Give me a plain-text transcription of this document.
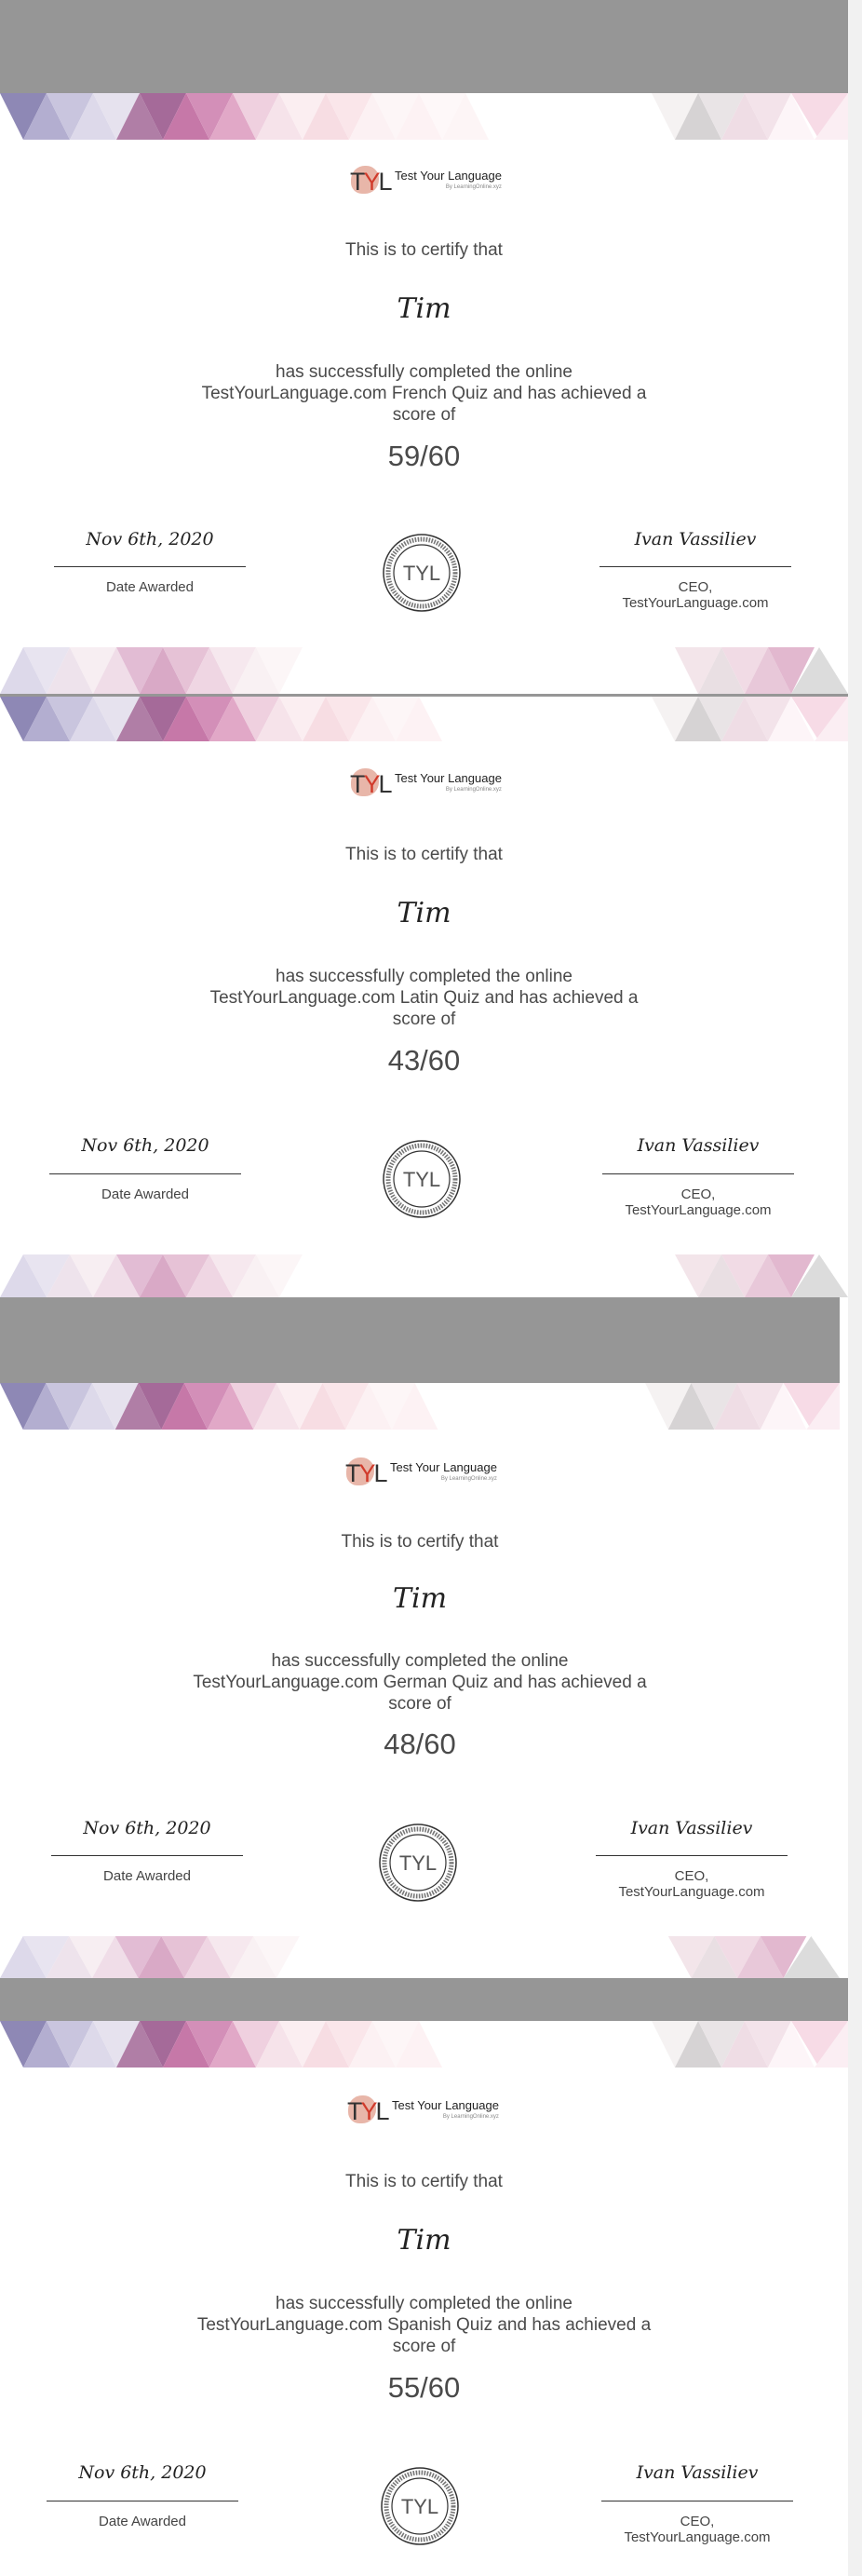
TYL Test Your Language
By LearningOnline.xyz
This is to certify that
Tim
has successfully completed the online
TestYourLanguage.com French Quiz and has achieved a
score of
59/60
Nov 6th, 2020
Date Awarded
TYL
Ivan Vassiliev
CEO,
TestYourLanguage.com
TYL Test Your Language
By LearningOnline.xyz
This is to certify that
Tim
has successfully completed the online
TestYourLanguage.com Latin Quiz and has achieved a
score of
43/60
Nov 6th, 2020
Date Awarded
TYL
Ivan Vassiliev
CEO,
TestYourLanguage.com
TYL Test Your Language
By LearningOnline.xyz
This is to certify that
Tim
has successfully completed the online
TestYourLanguage.com German Quiz and has achieved a
score of
48/60
Nov 6th, 2020
Date Awarded
TYL
Ivan Vassiliev
CEO,
TestYourLanguage.com
TYL Test Your Language
By LearningOnline.xyz
This is to certify that
Tim
has successfully completed the online
TestYourLanguage.com Spanish Quiz and has achieved a
score of
55/60
Nov 6th, 2020
Date Awarded
TYL
Ivan Vassiliev
CEO,
TestYourLanguage.com
